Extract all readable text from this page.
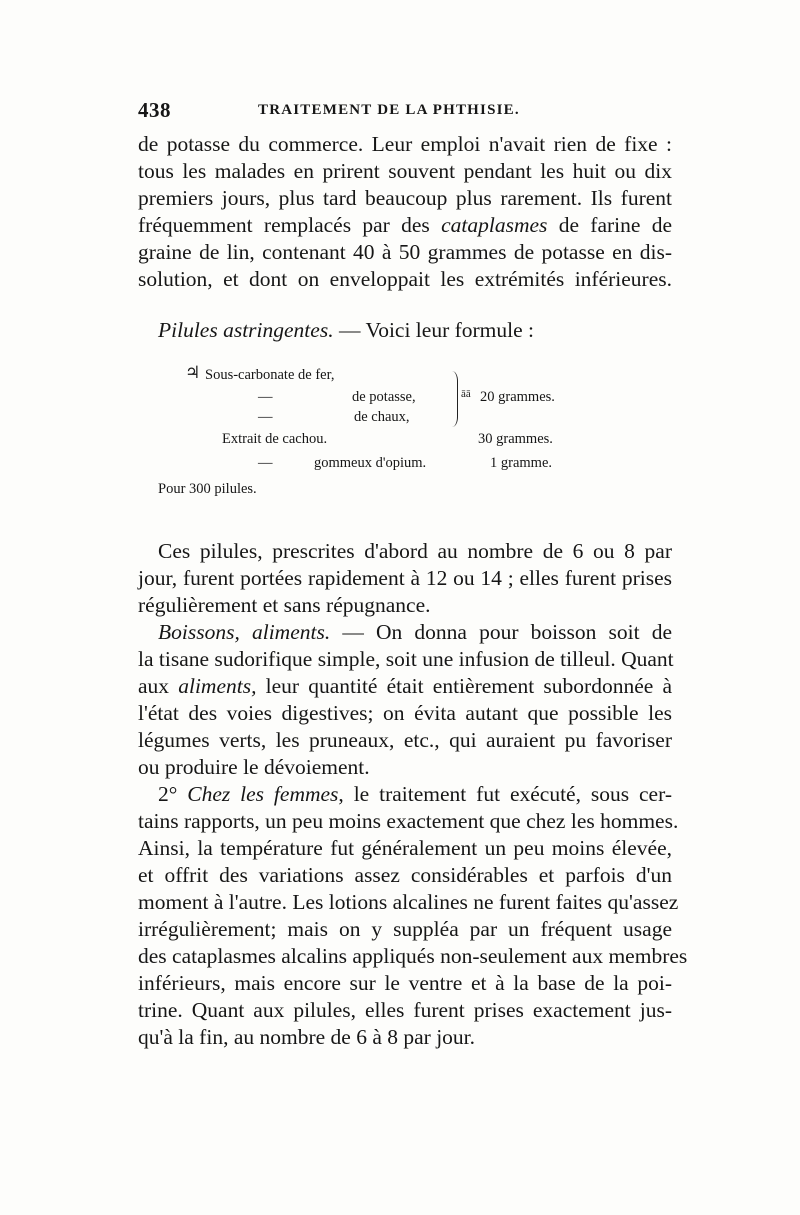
438	TRAITEMENT DE LA PHTHISIE.
de potasse du commerce. Leur emploi n'avait rien de fixe :
tous les malades en prirent souvent pendant les huit ou dix
premiers jours, plus tard beaucoup plus rarement. Ils furent
fréquemment remplacés par des cataplasmes de farine de
graine de lin, contenant 40 à 50 grammes de potasse en dis-
solution, et dont on enveloppait les extrémités inférieures.
Pilules astringentes. — Voici leur formule :
♃ Sous-carbonate de fer,
—	de potasse,
—	de chaux,
āā 20 grammes.
Extrait de cachou.	30 grammes.
—	gommeux d'opium.	1 gramme.
Pour 300 pilules.
Ces pilules, prescrites d'abord au nombre de 6 ou 8 par
jour, furent portées rapidement à 12 ou 14 ; elles furent prises
régulièrement et sans répugnance.
Boissons, aliments. — On donna pour boisson soit de
la tisane sudorifique simple, soit une infusion de tilleul. Quant
aux aliments, leur quantité était entièrement subordonnée à
l'état des voies digestives; on évita autant que possible les
légumes verts, les pruneaux, etc., qui auraient pu favoriser
ou produire le dévoiement.
2° Chez les femmes, le traitement fut exécuté, sous cer-
tains rapports, un peu moins exactement que chez les hommes.
Ainsi, la température fut généralement un peu moins élevée,
et offrit des variations assez considérables et parfois d'un
moment à l'autre. Les lotions alcalines ne furent faites qu'assez
irrégulièrement; mais on y suppléa par un fréquent usage
des cataplasmes alcalins appliqués non-seulement aux membres
inférieurs, mais encore sur le ventre et à la base de la poi-
trine. Quant aux pilules, elles furent prises exactement jus-
qu'à la fin, au nombre de 6 à 8 par jour.
